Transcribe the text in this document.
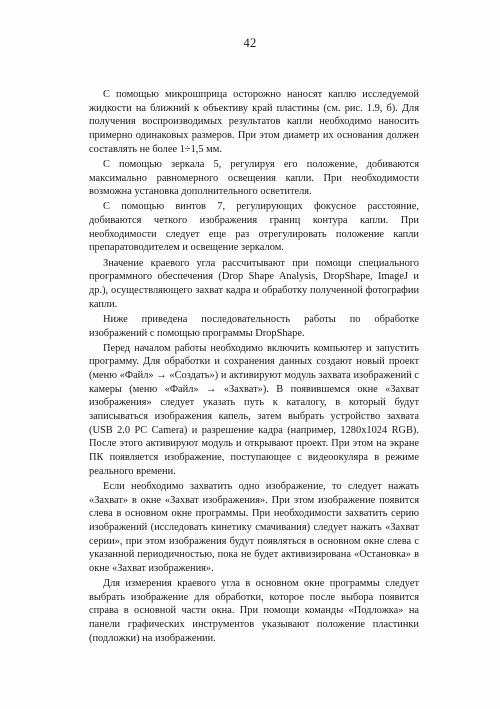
42

С помощью микрошприца осторожно наносят каплю исследуемой жидкости на ближний к объективу край пластины (см. рис. 1.9, б). Для получения воспроизводимых результатов капли необходимо наносить примерно одинаковых размеров. При этом диаметр их основания должен составлять не более 1÷1,5 мм.

С помощью зеркала 5, регулируя его положение, добиваются максимально равномерного освещения капли. При необходимости возможна установка дополнительного осветителя.

С помощью винтов 7, регулирующих фокусное расстояние, добиваются четкого изображения границ контура капли. При необходимости следует еще раз отрегулировать положение капли препаратоводителем и освещение зеркалом.

Значение краевого угла рассчитывают при помощи специального программного обеспечения (Drop Shape Analysis, DropShape, ImageJ и др.), осуществляющего захват кадра и обработку полученной фотографии капли.

Ниже приведена последовательность работы по обработке изображений с помощью программы DropShape.

Перед началом работы необходимо включить компьютер и запустить программу. Для обработки и сохранения данных создают новый проект (меню «Файл» → «Создать») и активируют модуль захвата изображений с камеры (меню «Файл» → «Захват»). В появившемся окне «Захват изображения» следует указать путь к каталогу, в который будут записываться изображения капель, затем выбрать устройство захвата (USB 2.0 PC Camera) и разрешение кадра (например, 1280x1024 RGB). После этого активируют модуль и открывают проект. При этом на экране ПК появляется изображение, поступающее с видеоокуляра в режиме реального времени.

Если необходимо захватить одно изображение, то следует нажать «Захват» в окне «Захват изображения». При этом изображение появится слева в основном окне программы. При необходимости захватить серию изображений (исследовать кинетику смачивания) следует нажать «Захват серии», при этом изображения будут появляться в основном окне слева с указанной периодичностью, пока не будет активизирована «Остановка» в окне «Захват изображения».

Для измерения краевого угла в основном окне программы следует выбрать изображение для обработки, которое после выбора появится справа в основной части окна. При помощи команды «Подложка» на панели графических инструментов указывают положение пластинки (подложки) на изображении.
